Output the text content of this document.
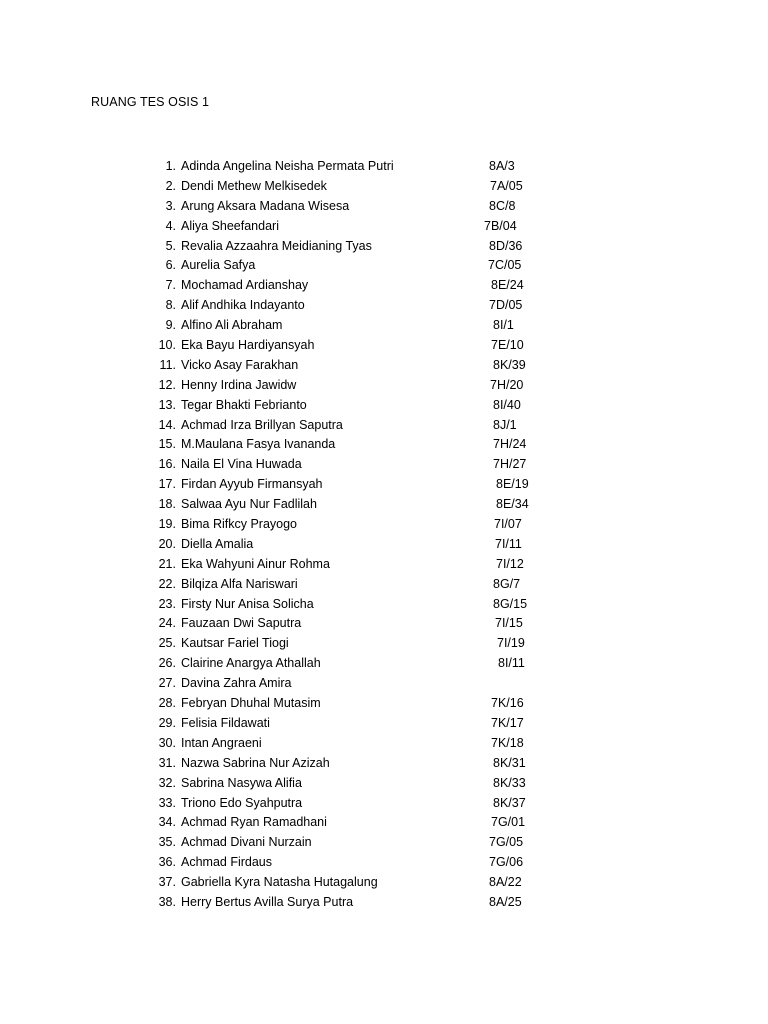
RUANG TES OSIS 1
1. Adinda Angelina Neisha Permata Putri	8A/3
2. Dendi Methew Melkisedek	7A/05
3. Arung Aksara Madana Wisesa	8C/8
4. Aliya Sheefandari	7B/04
5. Revalia Azzaahra Meidianing Tyas	8D/36
6. Aurelia Safya	7C/05
7. Mochamad Ardianshay	8E/24
8. Alif Andhika Indayanto	7D/05
9. Alfino Ali Abraham	8I/1
10. Eka Bayu Hardiyansyah	7E/10
11. Vicko Asay Farakhan	8K/39
12. Henny Irdina Jawidw	7H/20
13. Tegar Bhakti Febrianto	8I/40
14. Achmad Irza Brillyan Saputra	8J/1
15. M.Maulana Fasya Ivananda	7H/24
16. Naila El Vina Huwada	7H/27
17. Firdan Ayyub Firmansyah	8E/19
18. Salwaa Ayu Nur Fadlilah	8E/34
19. Bima Rifkcy Prayogo	7I/07
20. Diella Amalia	7I/11
21. Eka Wahyuni Ainur Rohma	7I/12
22. Bilqiza Alfa Nariswari	8G/7
23. Firsty Nur Anisa Solicha	8G/15
24. Fauzaan Dwi Saputra	7I/15
25. Kautsar Fariel Tiogi	7I/19
26. Clairine Anargya Athallah	8I/11
27. Davina Zahra Amira
28. Febryan Dhuhal Mutasim	7K/16
29. Felisia Fildawati	7K/17
30. Intan Angraeni	7K/18
31. Nazwa Sabrina Nur Azizah	8K/31
32. Sabrina Nasywa Alifia	8K/33
33. Triono Edo Syahputra	8K/37
34. Achmad Ryan Ramadhani	7G/01
35. Achmad Divani Nurzain	7G/05
36. Achmad Firdaus	7G/06
37. Gabriella Kyra Natasha Hutagalung	8A/22
38. Herry Bertus Avilla Surya Putra	8A/25
